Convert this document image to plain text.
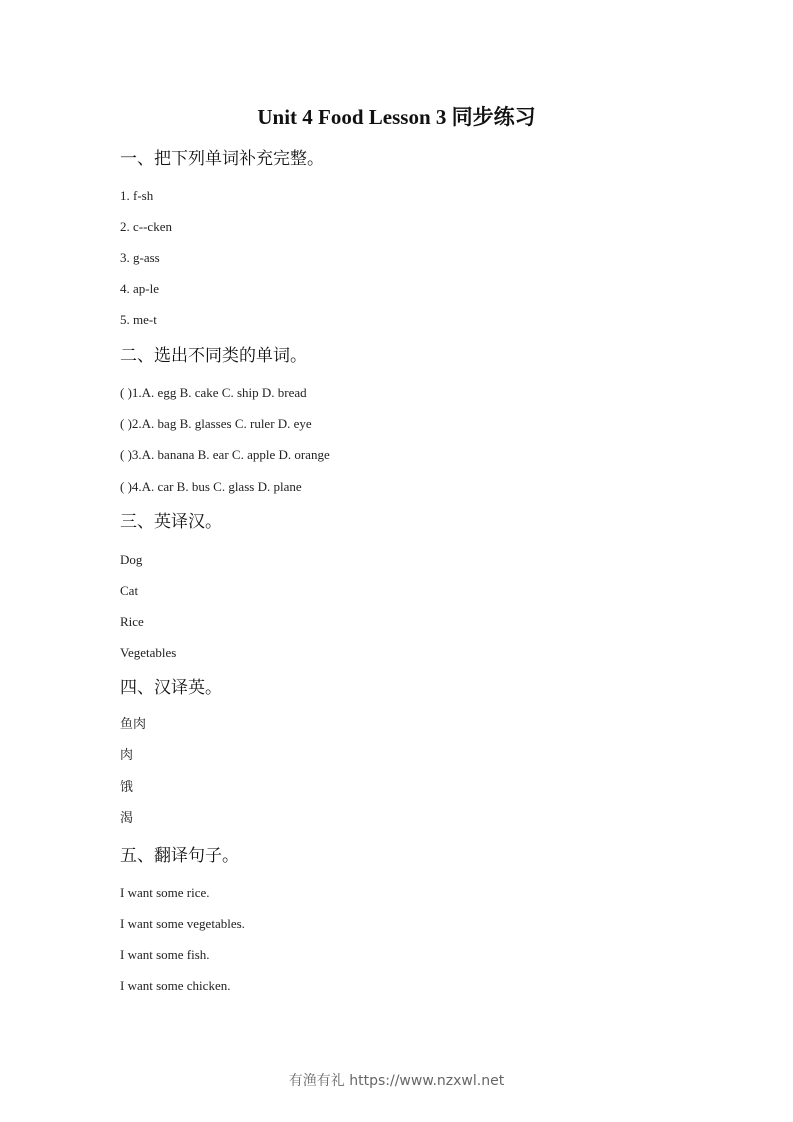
Unit 4 Food Lesson 3 同步练习
一、把下列单词补充完整。
1. f-sh
2. c--cken
3. g-ass
4. ap-le
5. me-t
二、选出不同类的单词。
( )1.A. egg B. cake C. ship D. bread
( )2.A. bag B. glasses C. ruler D. eye
( )3.A. banana B. ear C. apple D. orange
( )4.A. car B. bus C. glass D. plane
三、英译汉。
Dog
Cat
Rice
Vegetables
四、汉译英。
鱼肉
肉
饿
渴
五、翻译句子。
I want some rice.
I want some vegetables.
I want some fish.
I want some chicken.
有渔有礼 https://www.nzxwl.net
